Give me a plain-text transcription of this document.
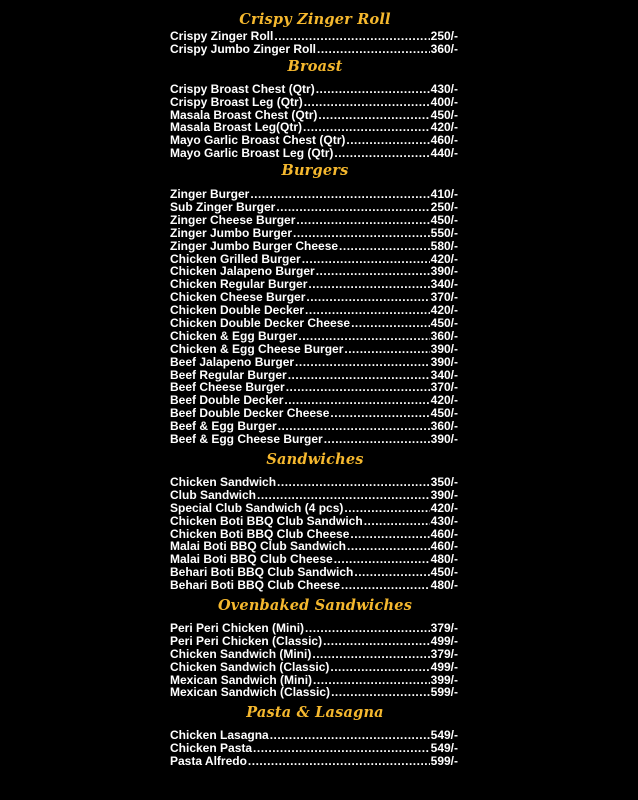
Crispy Zinger Roll
Crispy Zinger Roll .....	250/-
Crispy Jumbo Zinger Roll .....	360/-
Broast
Crispy Broast Chest (Qtr) .....	430/-
Crispy Broast Leg (Qtr) .....	400/-
Masala Broast Chest (Qtr) .....	450/-
Masala Broast Leg(Qtr) .....	420/-
Mayo Garlic Broast Chest (Qtr) .....	460/-
Mayo Garlic Broast Leg (Qtr) .....	440/-
Burgers
Zinger Burger .....	410/-
Sub Zinger Burger .....	250/-
Zinger Cheese Burger .....	450/-
Zinger Jumbo Burger .....	550/-
Zinger Jumbo Burger Cheese .....	580/-
Chicken Grilled Burger .....	420/-
Chicken Jalapeno Burger .....	390/-
Chicken Regular Burger .....	340/-
Chicken Cheese Burger .....	370/-
Chicken Double Decker .....	420/-
Chicken Double Decker Cheese .....	450/-
Chicken & Egg Burger .....	360/-
Chicken & Egg Cheese Burger .....	390/-
Beef Jalapeno Burger .....	390/-
Beef Regular Burger .....	340/-
Beef Cheese Burger .....	370/-
Beef Double Decker .....	420/-
Beef Double Decker Cheese .....	450/-
Beef & Egg Burger .....	360/-
Beef & Egg Cheese Burger .....	390/-
Sandwiches
Chicken Sandwich .....	350/-
Club Sandwich .....	390/-
Special Club Sandwich (4 pcs) .....	420/-
Chicken Boti BBQ Club Sandwich .....	430/-
Chicken Boti BBQ Club Cheese .....	460/-
Malai Boti BBQ Club Sandwich .....	460/-
Malai Boti BBQ Club Cheese .....	480/-
Behari Boti BBQ Club Sandwich .....	450/-
Behari Boti BBQ Club Cheese .....	480/-
Ovenbaked Sandwiches
Peri Peri Chicken (Mini) .....	379/-
Peri Peri Chicken (Classic) .....	499/-
Chicken Sandwich (Mini) .....	379/-
Chicken Sandwich (Classic) .....	499/-
Mexican Sandwich (Mini) .....	399/-
Mexican Sandwich (Classic) .....	599/-
Pasta & Lasagna
Chicken Lasagna .....	549/-
Chicken Pasta .....	549/-
Pasta Alfredo .....	599/-
